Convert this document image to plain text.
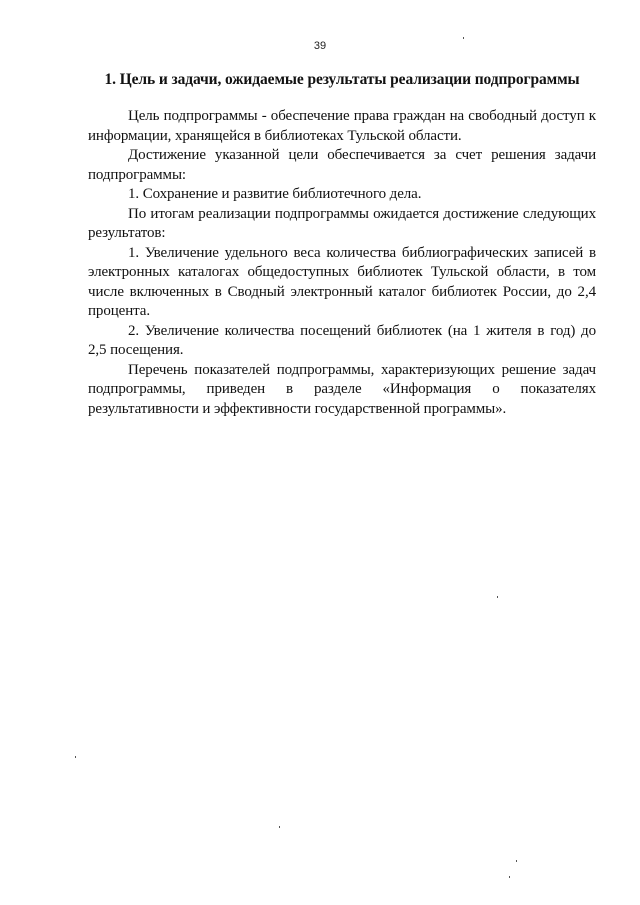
39
1. Цель и задачи, ожидаемые результаты реализации подпрограммы

Цель подпрограммы - обеспечение права граждан на свободный доступ к информации, хранящейся в библиотеках Тульской области.

Достижение указанной цели обеспечивается за счет решения задачи подпрограммы:

1. Сохранение и развитие библиотечного дела.

По итогам реализации подпрограммы ожидается достижение следующих результатов:

1. Увеличение удельного веса количества библиографических записей в электронных каталогах общедоступных библиотек Тульской области, в том числе включенных в Сводный электронный каталог библиотек России, до 2,4 процента.

2. Увеличение количества посещений библиотек (на 1 жителя в год) до 2,5 посещения.

Перечень показателей подпрограммы, характеризующих решение задач подпрограммы, приведен в разделе «Информация о показателях результативности и эффективности государственной программы».
